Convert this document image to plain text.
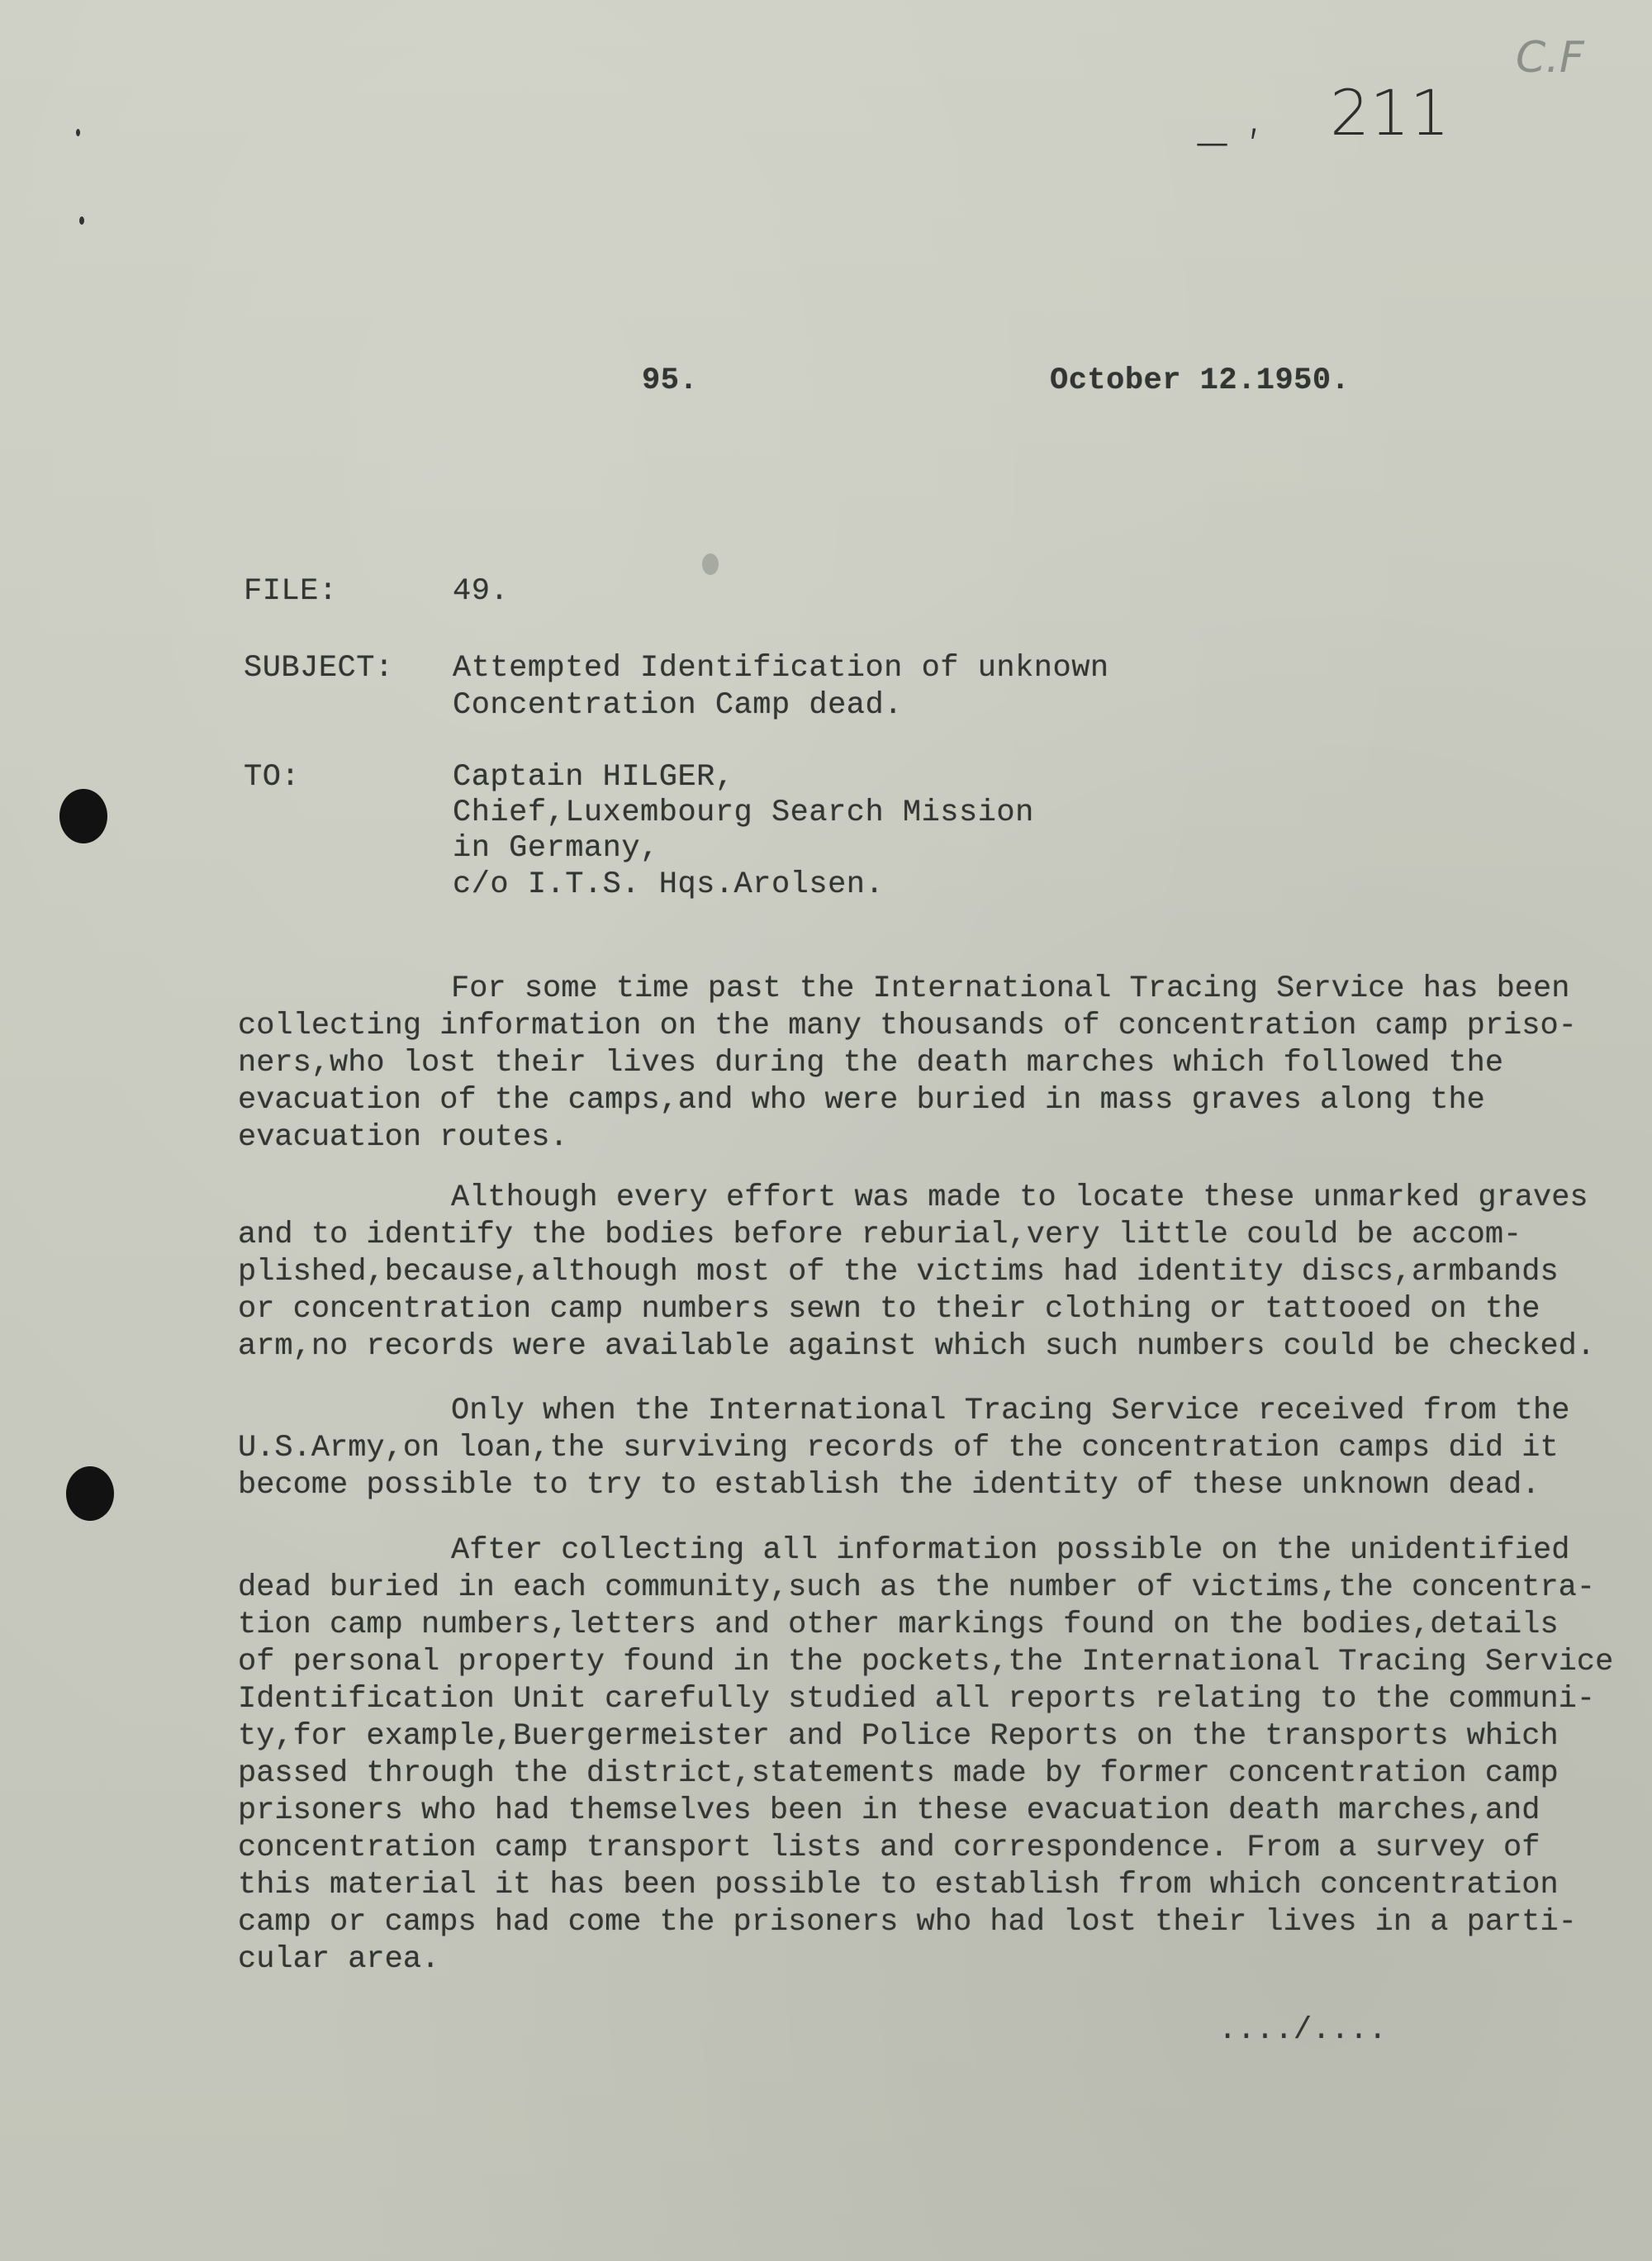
C.F
_ , 211
95.	October 12.1950.
FILE:	49.
SUBJECT: Attempted Identification of unknown
Concentration Camp dead.
TO:	Captain HILGER,
Chief,Luxembourg Search Mission
in Germany,
c/o I.T.S. Hqs.Arolsen.
For some time past the International Tracing Service has been
collecting information on the many thousands of concentration camp priso-
ners,who lost their lives during the death marches which followed the
evacuation of the camps,and who were buried in mass graves along the
evacuation routes.
Although every effort was made to locate these unmarked graves
and to identify the bodies before reburial,very little could be accom-
plished,because,although most of the victims had identity discs,armbands
or concentration camp numbers sewn to their clothing or tattooed on the
arm,no records were available against which such numbers could be checked.
Only when the International Tracing Service received from the
U.S.Army,on loan,the surviving records of the concentration camps did it
become possible to try to establish the identity of these unknown dead.
After collecting all information possible on the unidentified
dead buried in each community,such as the number of victims,the concentra-
tion camp numbers,letters and other markings found on the bodies,details
of personal property found in the pockets,the International Tracing Service
Identification Unit carefully studied all reports relating to the communi-
ty,for example,Buergermeister and Police Reports on the transports which
passed through the district,statements made by former concentration camp
prisoners who had themselves been in these evacuation death marches,and
concentration camp transport lists and correspondence. From a survey of
this material it has been possible to establish from which concentration
camp or camps had come the prisoners who had lost their lives in a parti-
cular area.
..../....
